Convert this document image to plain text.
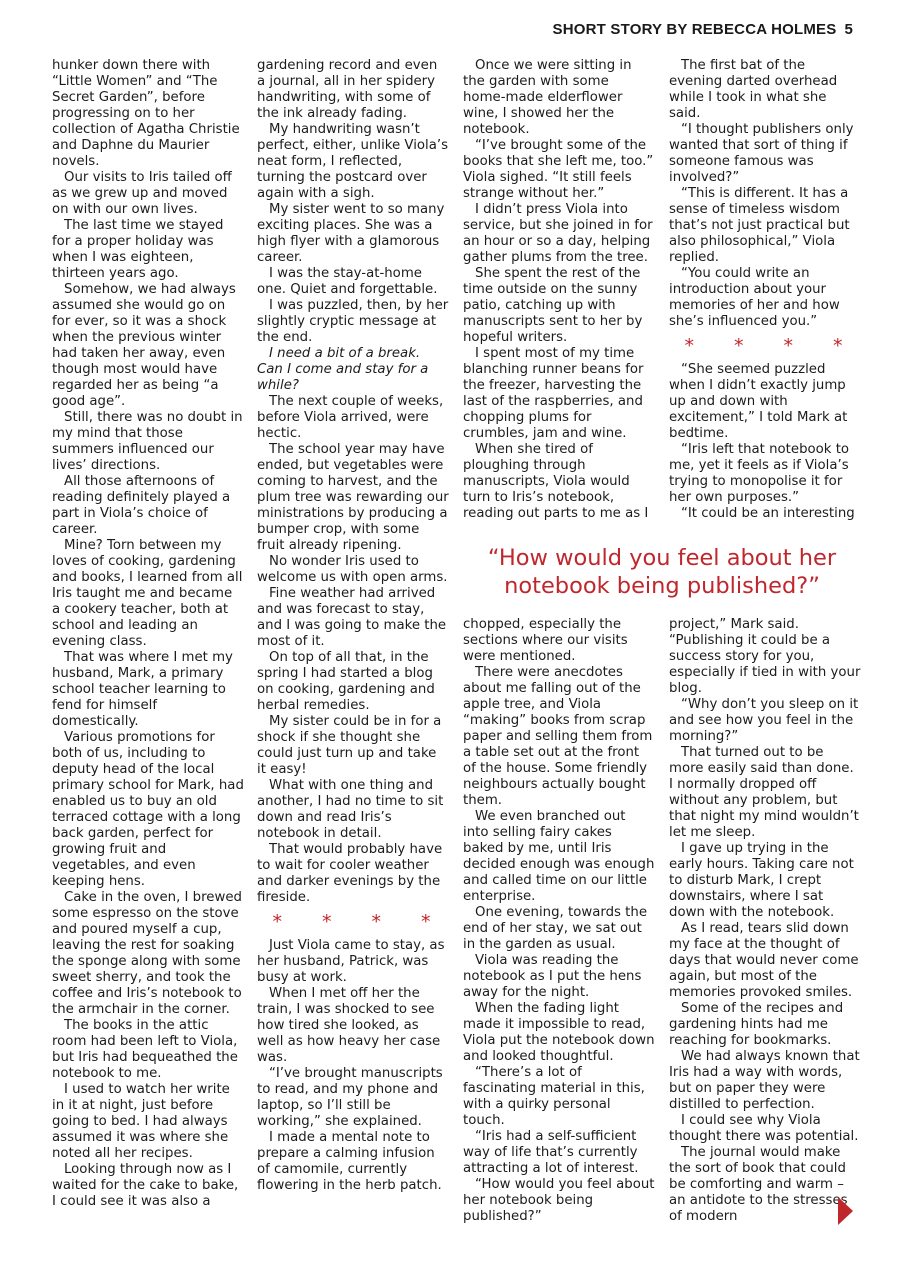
SHORT STORY BY REBECCA HOLMES 5

hunker down there with “Little Women” and “The Secret Garden”, before progressing on to her collection of Agatha Christie and Daphne du Maurier novels.

Our visits to Iris tailed off as we grew up and moved on with our own lives.

The last time we stayed for a proper holiday was when I was eighteen, thirteen years ago.

Somehow, we had always assumed she would go on for ever, so it was a shock when the previous winter had taken her away, even though most would have regarded her as being “a good age”.

Still, there was no doubt in my mind that those summers influenced our lives’ directions.

All those afternoons of reading definitely played a part in Viola’s choice of career.

Mine? Torn between my loves of cooking, gardening and books, I learned from all Iris taught me and became a cookery teacher, both at school and leading an evening class.

That was where I met my husband, Mark, a primary school teacher learning to fend for himself domestically.

Various promotions for both of us, including to deputy head of the local primary school for Mark, had enabled us to buy an old terraced cottage with a long back garden, perfect for growing fruit and vegetables, and even keeping hens.

Cake in the oven, I brewed some espresso on the stove and poured myself a cup, leaving the rest for soaking the sponge along with some sweet sherry, and took the coffee and Iris’s notebook to the armchair in the corner.

The books in the attic room had been left to Viola, but Iris had bequeathed the notebook to me.

I used to watch her write in it at night, just before going to bed. I had always assumed it was where she noted all her recipes.

Looking through now as I waited for the cake to bake, I could see it was also a

gardening record and even a journal, all in her spidery handwriting, with some of the ink already fading.

My handwriting wasn’t perfect, either, unlike Viola’s neat form, I reflected, turning the postcard over again with a sigh.

My sister went to so many exciting places. She was a high flyer with a glamorous career.

I was the stay-at-home one. Quiet and forgettable.

I was puzzled, then, by her slightly cryptic message at the end.

I need a bit of a break. Can I come and stay for a while?

The next couple of weeks, before Viola arrived, were hectic.

The school year may have ended, but vegetables were coming to harvest, and the plum tree was rewarding our ministrations by producing a bumper crop, with some fruit already ripening.

No wonder Iris used to welcome us with open arms.

Fine weather had arrived and was forecast to stay, and I was going to make the most of it.

On top of all that, in the spring I had started a blog on cooking, gardening and herbal remedies.

My sister could be in for a shock if she thought she could just turn up and take it easy!

What with one thing and another, I had no time to sit down and read Iris’s notebook in detail.

That would probably have to wait for cooler weather and darker evenings by the fireside.

* * * *

Just Viola came to stay, as her husband, Patrick, was busy at work.

When I met off her the train, I was shocked to see how tired she looked, as well as how heavy her case was.

“I’ve brought manuscripts to read, and my phone and laptop, so I’ll still be working,” she explained.

I made a mental note to prepare a calming infusion of camomile, currently flowering in the herb patch.

Once we were sitting in the garden with some home-made elderflower wine, I showed her the notebook.

“I’ve brought some of the books that she left me, too.” Viola sighed. “It still feels strange without her.”

I didn’t press Viola into service, but she joined in for an hour or so a day, helping gather plums from the tree.

She spent the rest of the time outside on the sunny patio, catching up with manuscripts sent to her by hopeful writers.

I spent most of my time blanching runner beans for the freezer, harvesting the last of the raspberries, and chopping plums for crumbles, jam and wine.

When she tired of ploughing through manuscripts, Viola would turn to Iris’s notebook, reading out parts to me as I

The first bat of the evening darted overhead while I took in what she said.

“I thought publishers only wanted that sort of thing if someone famous was involved?”

“This is different. It has a sense of timeless wisdom that’s not just practical but also philosophical,” Viola replied.

“You could write an introduction about your memories of her and how she’s influenced you.”

* * * *

“She seemed puzzled when I didn’t exactly jump up and down with excitement,” I told Mark at bedtime.

“Iris left that notebook to me, yet it feels as if Viola’s trying to monopolise it for her own purposes.”

“It could be an interesting

“How would you feel about her notebook being published?”

chopped, especially the sections where our visits were mentioned.

There were anecdotes about me falling out of the apple tree, and Viola “making” books from scrap paper and selling them from a table set out at the front of the house. Some friendly neighbours actually bought them.

We even branched out into selling fairy cakes baked by me, until Iris decided enough was enough and called time on our little enterprise.

One evening, towards the end of her stay, we sat out in the garden as usual.

Viola was reading the notebook as I put the hens away for the night.

When the fading light made it impossible to read, Viola put the notebook down and looked thoughtful.

“There’s a lot of fascinating material in this, with a quirky personal touch.

“Iris had a self-sufficient way of life that’s currently attracting a lot of interest.

“How would you feel about her notebook being published?”

project,” Mark said. “Publishing it could be a success story for you, especially if tied in with your blog.

“Why don’t you sleep on it and see how you feel in the morning?”

That turned out to be more easily said than done. I normally dropped off without any problem, but that night my mind wouldn’t let me sleep.

I gave up trying in the early hours. Taking care not to disturb Mark, I crept downstairs, where I sat down with the notebook.

As I read, tears slid down my face at the thought of days that would never come again, but most of the memories provoked smiles.

Some of the recipes and gardening hints had me reaching for bookmarks.

We had always known that Iris had a way with words, but on paper they were distilled to perfection.

I could see why Viola thought there was potential.

The journal would make the sort of book that could be comforting and warm – an antidote to the stresses of modern
